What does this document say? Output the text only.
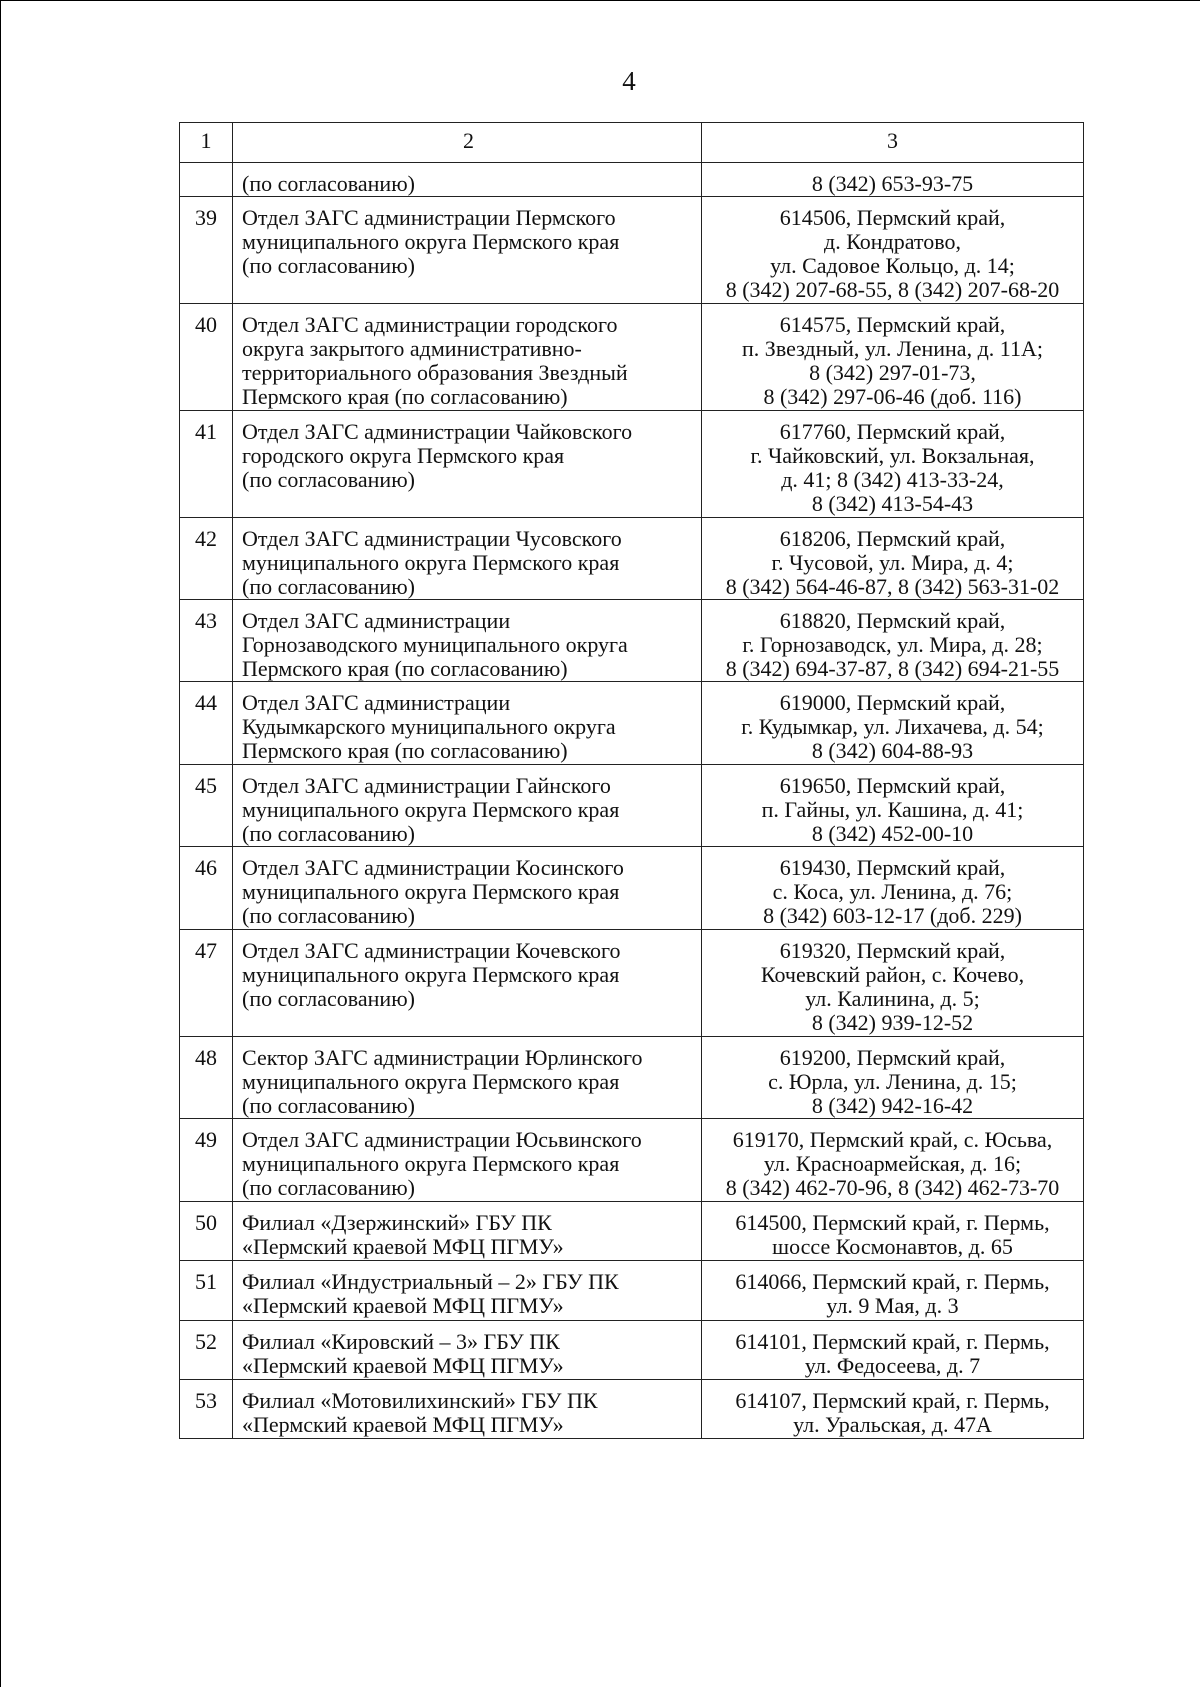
4
1	2	3

	(по согласованию)	8 (342) 653-93-75

39	Отдел ЗАГС администрации Пермского
муниципального округа Пермского края
(по согласованию)	614506, Пермский край,
д. Кондратово,
ул. Садовое Кольцо, д. 14;
8 (342) 207-68-55, 8 (342) 207-68-20

40	Отдел ЗАГС администрации городского
округа закрытого административно-
территориального образования Звездный
Пермского края (по согласованию)	614575, Пермский край,
п. Звездный, ул. Ленина, д. 11А;
8 (342) 297-01-73,
8 (342) 297-06-46 (доб. 116)

41	Отдел ЗАГС администрации Чайковского
городского округа Пермского края
(по согласованию)	617760, Пермский край,
г. Чайковский, ул. Вокзальная,
д. 41; 8 (342) 413-33-24,
8 (342) 413-54-43

42	Отдел ЗАГС администрации Чусовского
муниципального округа Пермского края
(по согласованию)	618206, Пермский край,
г. Чусовой, ул. Мира, д. 4;
8 (342) 564-46-87, 8 (342) 563-31-02

43	Отдел ЗАГС администрации
Горнозаводского муниципального округа
Пермского края (по согласованию)	618820, Пермский край,
г. Горнозаводск, ул. Мира, д. 28;
8 (342) 694-37-87, 8 (342) 694-21-55

44	Отдел ЗАГС администрации
Кудымкарского муниципального округа
Пермского края (по согласованию)	619000, Пермский край,
г. Кудымкар, ул. Лихачева, д. 54;
8 (342) 604-88-93

45	Отдел ЗАГС администрации Гайнского
муниципального округа Пермского края
(по согласованию)	619650, Пермский край,
п. Гайны, ул. Кашина, д. 41;
8 (342) 452-00-10

46	Отдел ЗАГС администрации Косинского
муниципального округа Пермского края
(по согласованию)	619430, Пермский край,
с. Коса, ул. Ленина, д. 76;
8 (342) 603-12-17 (доб. 229)

47	Отдел ЗАГС администрации Кочевского
муниципального округа Пермского края
(по согласованию)	619320, Пермский край,
Кочевский район, с. Кочево,
ул. Калинина, д. 5;
8 (342) 939-12-52

48	Сектор ЗАГС администрации Юрлинского
муниципального округа Пермского края
(по согласованию)	619200, Пермский край,
с. Юрла, ул. Ленина, д. 15;
8 (342) 942-16-42

49	Отдел ЗАГС администрации Юсьвинского
муниципального округа Пермского края
(по согласованию)	619170, Пермский край, с. Юсьва,
ул. Красноармейская, д. 16;
8 (342) 462-70-96, 8 (342) 462-73-70

50	Филиал «Дзержинский» ГБУ ПК
«Пермский краевой МФЦ ПГМУ»	614500, Пермский край, г. Пермь,
шоссе Космонавтов, д. 65

51	Филиал «Индустриальный – 2» ГБУ ПК
«Пермский краевой МФЦ ПГМУ»	614066, Пермский край, г. Пермь,
ул. 9 Мая, д. 3

52	Филиал «Кировский – 3» ГБУ ПК
«Пермский краевой МФЦ ПГМУ»	614101, Пермский край, г. Пермь,
ул. Федосеева, д. 7

53	Филиал «Мотовилихинский» ГБУ ПК
«Пермский краевой МФЦ ПГМУ»	614107, Пермский край, г. Пермь,
ул. Уральская, д. 47А
